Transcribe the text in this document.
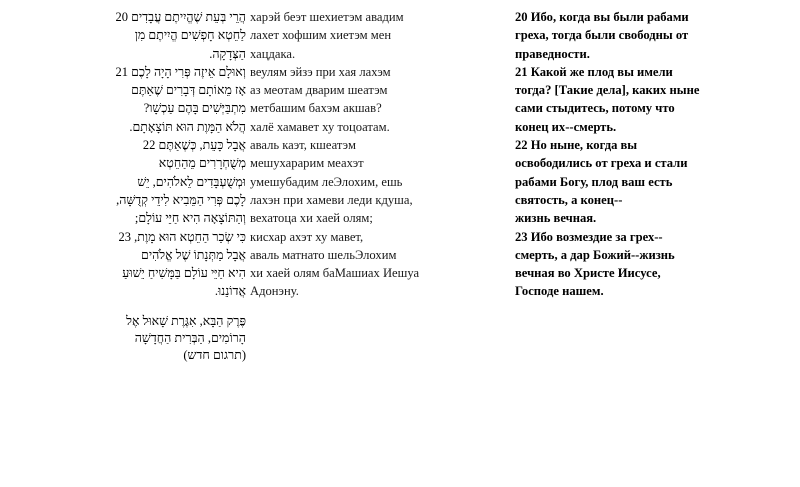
הֲרֵי בְּעֵת שֶׁהֱיִיתֶם עֲבָדִים 20
לַחֵטְא חָפְשִׁים הֱיִיתֶם מִן
הַצְּדָקָה.
וְאוּלָם אֵיזֶה פְּרִי הָיָה לָכֶם 21
אָז מֵאוֹתָם דְּבָרִים שֶׁאַתֶּם
מִתְבַּיְּשִׁים בָּהֶם עַכְשָׁו?
הֲלֹא הַמָּוֶת הוּא תּוֹצָאָתָם.
אֲבָל כָּעֵת, כְּשֶׁאַתֶּם 22
מְשֻׁחְרָרִים מֵהַחֵטְא
וּמְשֻׁעְבָּדִים לֵאלֹהִים, יֵשׁ
לָכֶם פְּרִי הַמֵּבִיא לִידֵי קְדֻשָּׁה,
וְהַתּוֹצָאָה הִיא חַיֵּי עוֹלָם;
כִּי שְׂכַר הַחֵטְא הוּא מָוֶת, 23
אֲבָל מַתְּנָתוֹ שֶׁל אֱלֹהִים
הִיא חַיֵּי עוֹלָם בַּמָּשִׁיחַ יֵשׁוּעַ
אֲדוֹנֵנוּ.
харэй беэт шехиетэм авадим
лахет хофшим хиетэм мен
хацдака.
веулям эйзэ при хая лахэм
аз меотам дварим шеатэм
метбашим бахэм акшав?
халё хамавет ху тоцоатам.
аваль каэт, кшеатэм
мешухарарим меахэт
умешубадим леЭлохим, ешь
лахэн при хамеви леди кдуша,
вехатоца хи хаей олям;
кисхар ахэт ху мавет,
аваль матнато шельЭлохим
хи хаей олям баМашиах Иешуа
Адонэну.
20 Ибо, когда вы были рабами
греха, тогда были свободны от
праведности.
21 Какой же плод вы имели
тогда? [Такие дела], каких ныне
сами стыдитесь, потому что
конец их--смерть.
22 Но ныне, когда вы
освободились от греха и стали
рабами Богу, плод ваш есть
святость, а конец--
жизнь вечная.
23 Ибо возмездие за грех--
смерть, а дар Божий--жизнь
вечная во Христе Иисусе,
Господе нашем.
פֶּרֶק הַבָּא, אִגֶּרֶת שָׁאוּל אֶל
הָרוֹמִים, הַבְּרִית הַחֲדָשָׁה
(תרגום חדש)
